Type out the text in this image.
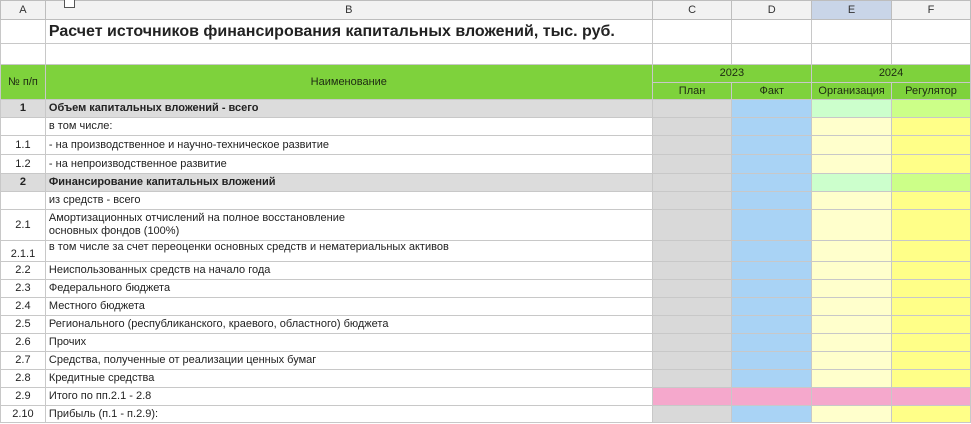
A	B	C	D	E	F
	Расчет источников финансирования капитальных вложений, тыс. руб.				

№ п/п	Наименование	2023		2024	
		План	Факт	Организация	Регулятор
1	Объем капитальных вложений - всего				
	в том числе:				
1.1	- на производственное и научно-техническое развитие				
1.2	- на непроизводственное развитие				
2	Финансирование капитальных вложений				
	из средств - всего				
2.1	Амортизационных отчислений на полное восстановление основных фондов (100%)				
2.1.1	в том числе за счет переоценки основных средств и нематериальных активов				
2.2	Неиспользованных средств на начало года				
2.3	Федерального бюджета				
2.4	Местного бюджета				
2.5	Регионального (республиканского, краевого, областного) бюджета				
2.6	Прочих				
2.7	Средства, полученные от реализации ценных бумаг				
2.8	Кредитные средства				
2.9	Итого по пп.2.1 - 2.8				
2.10	Прибыль (п.1 - п.2.9):				
